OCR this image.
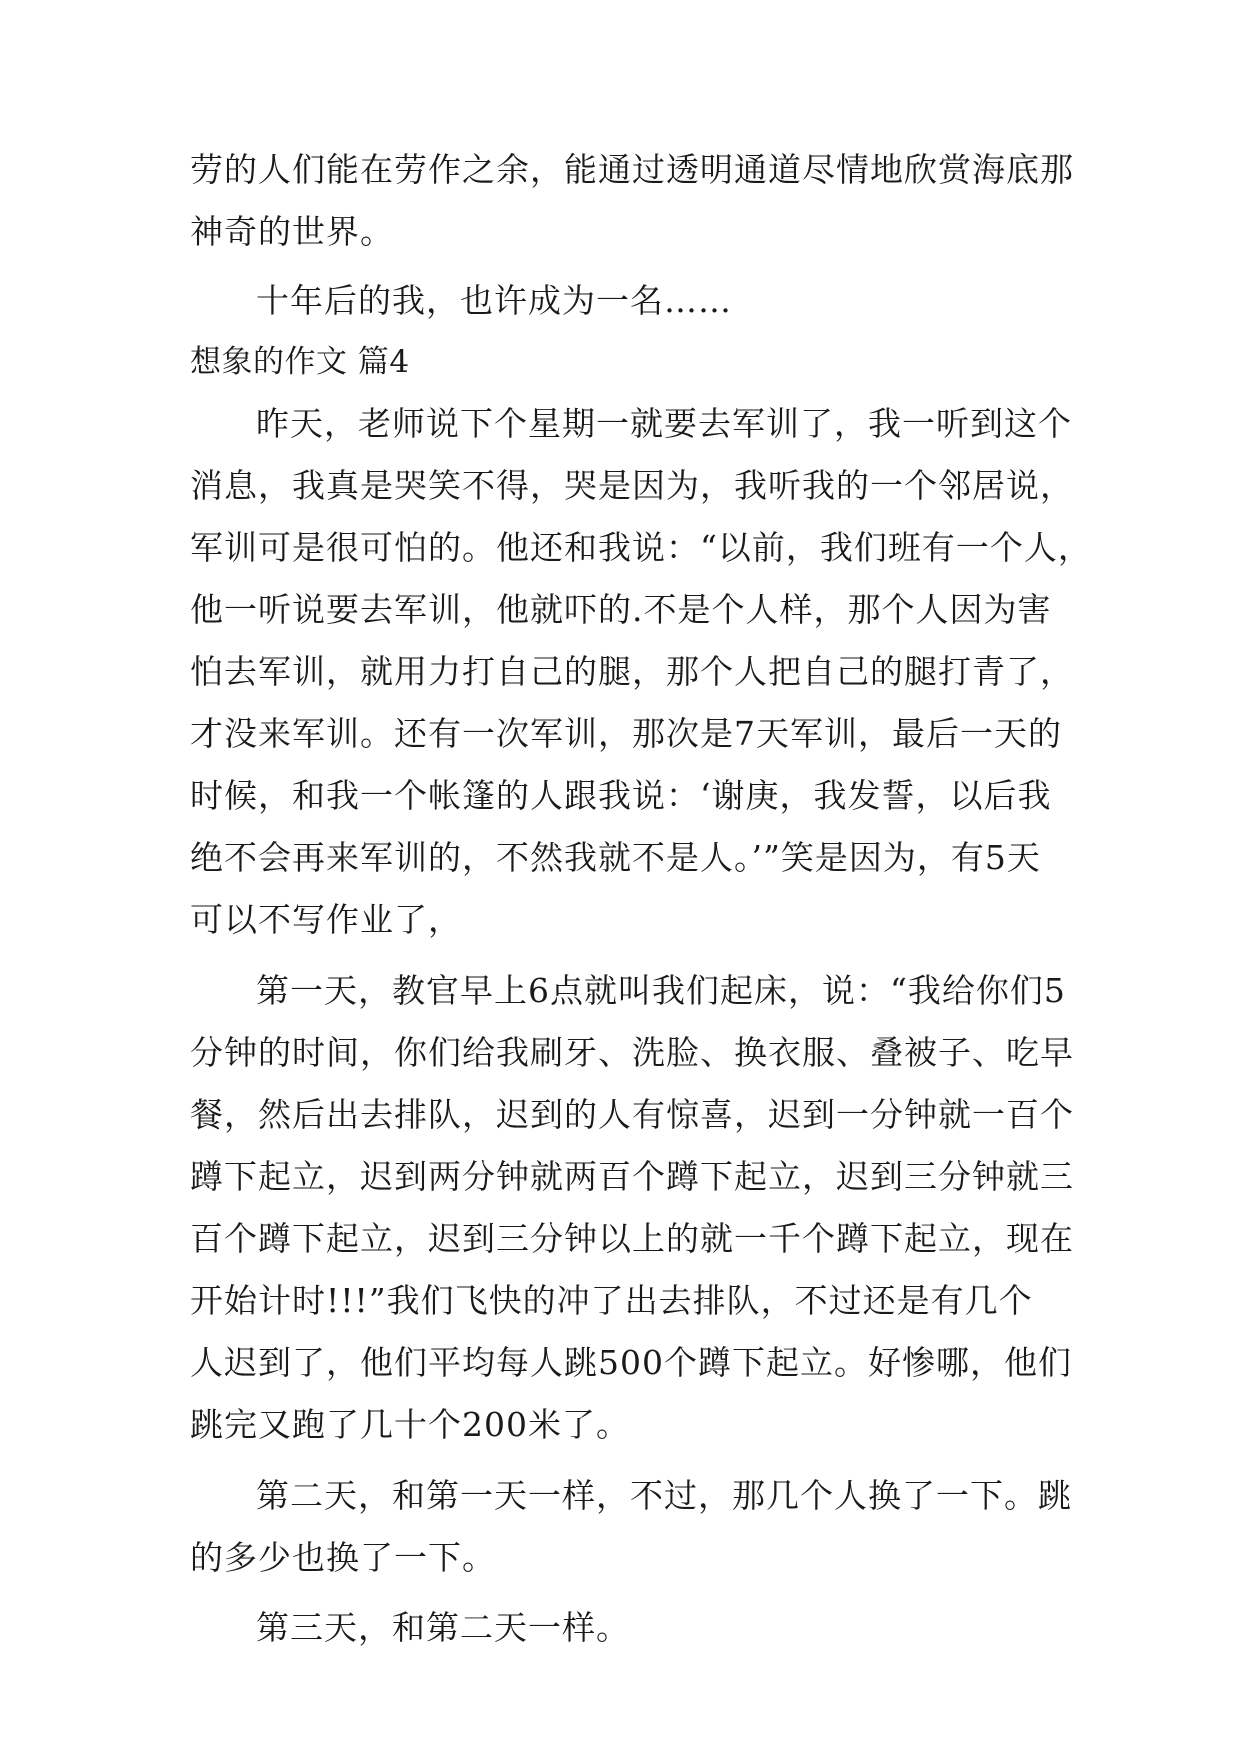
劳的人们能在劳作之余，能通过透明通道尽情地欣赏海底那
神奇的世界。
十年后的我，也许成为一名……
想象的作文 篇4
昨天，老师说下个星期一就要去军训了，我一听到这个
消息，我真是哭笑不得，哭是因为，我听我的一个邻居说，
军训可是很可怕的。他还和我说：“以前，我们班有一个人，
他一听说要去军训，他就吓的.不是个人样，那个人因为害
怕去军训，就用力打自己的腿，那个人把自己的腿打青了，
才没来军训。还有一次军训，那次是7天军训，最后一天的
时候，和我一个帐篷的人跟我说：‘谢庚，我发誓，以后我
绝不会再来军训的，不然我就不是人。’”笑是因为，有5天
可以不写作业了，
第一天，教官早上6点就叫我们起床，说：“我给你们5
分钟的时间，你们给我刷牙、洗脸、换衣服、叠被子、吃早
餐，然后出去排队，迟到的人有惊喜，迟到一分钟就一百个
蹲下起立，迟到两分钟就两百个蹲下起立，迟到三分钟就三
百个蹲下起立，迟到三分钟以上的就一千个蹲下起立，现在
开始计时!!!”我们飞快的冲了出去排队，不过还是有几个
人迟到了，他们平均每人跳500个蹲下起立。好惨哪，他们
跳完又跑了几十个200米了。
第二天，和第一天一样，不过，那几个人换了一下。跳
的多少也换了一下。
第三天，和第二天一样。
